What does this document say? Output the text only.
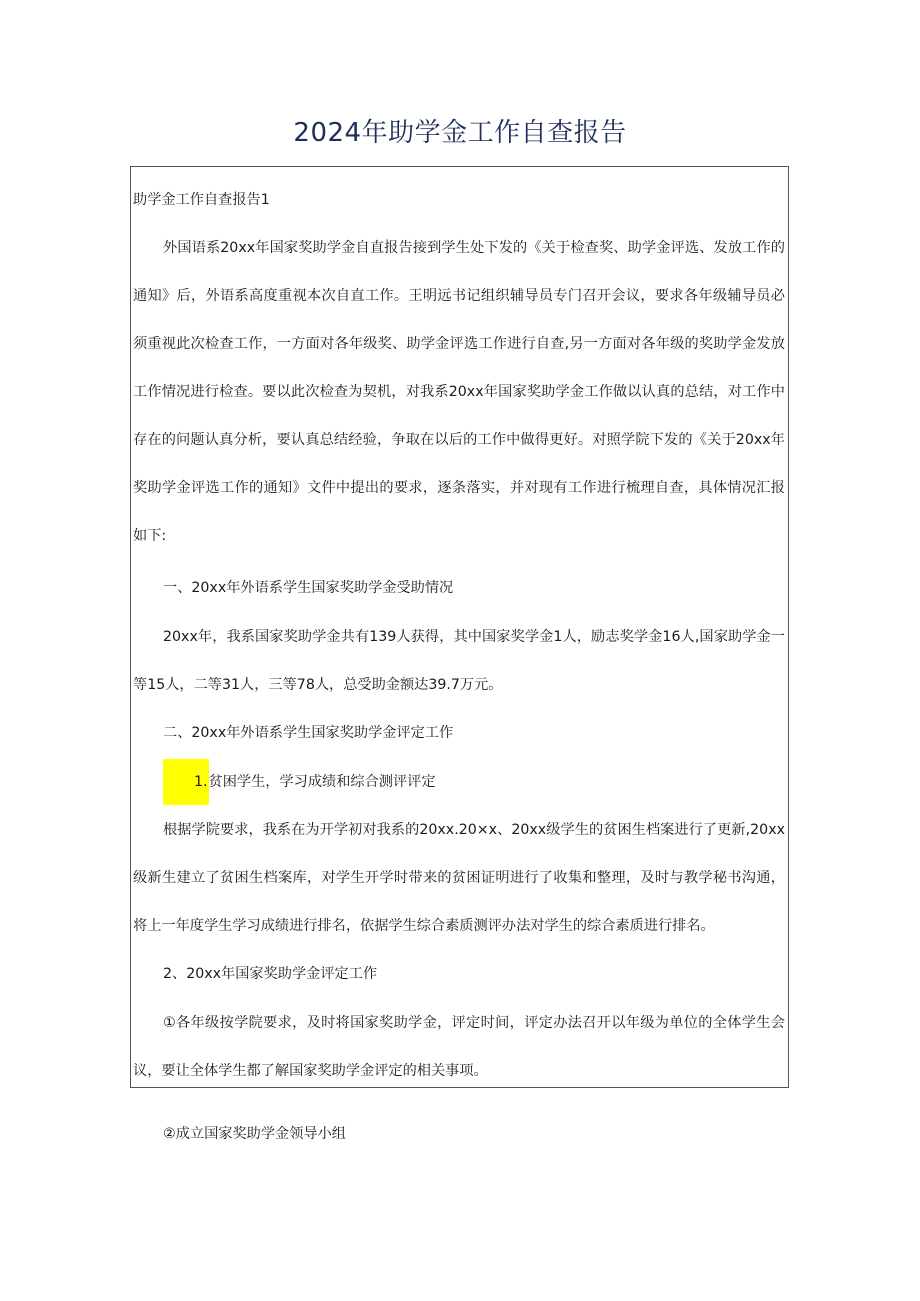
2024年助学金工作自查报告

助学金工作自查报告1

外国语系20xx年国家奖助学金自直报告接到学生处下发的《关于检查奖、助学金评选、发放工作的通知》后，外语系高度重视本次自直工作。王明远书记组织辅导员专门召开会议，要求各年级辅导员必须重视此次检查工作，一方面对各年级奖、助学金评选工作进行自查,另一方面对各年级的奖助学金发放工作情况进行检查。要以此次检查为契机，对我系20xx年国家奖助学金工作做以认真的总结，对工作中存在的问题认真分析，要认真总结经验，争取在以后的工作中做得更好。对照学院下发的《关于20xx年奖助学金评选工作的通知》文件中提出的要求，逐条落实，并对现有工作进行梳理自查，具体情况汇报如下:

一、20xx年外语系学生国家奖助学金受助情况

20xx年，我系国家奖助学金共有139人获得，其中国家奖学金1人，励志奖学金16人,国家助学金一等15人，二等31人，三等78人，总受助金额达39.7万元。

二、20xx年外语系学生国家奖助学金评定工作

1.贫困学生，学习成绩和综合测评评定

根据学院要求，我系在为开学初对我系的20xx.20×x、20xx级学生的贫困生档案进行了更新,20xx级新生建立了贫困生档案库，对学生开学时带来的贫困证明进行了收集和整理，及时与教学秘书沟通，将上一年度学生学习成绩进行排名，依据学生综合素质测评办法对学生的综合素质进行排名。

2、20xx年国家奖助学金评定工作

①各年级按学院要求，及时将国家奖助学金，评定时间，评定办法召开以年级为单位的全体学生会议，要让全体学生都了解国家奖助学金评定的相关事项。

②成立国家奖助学金领导小组
